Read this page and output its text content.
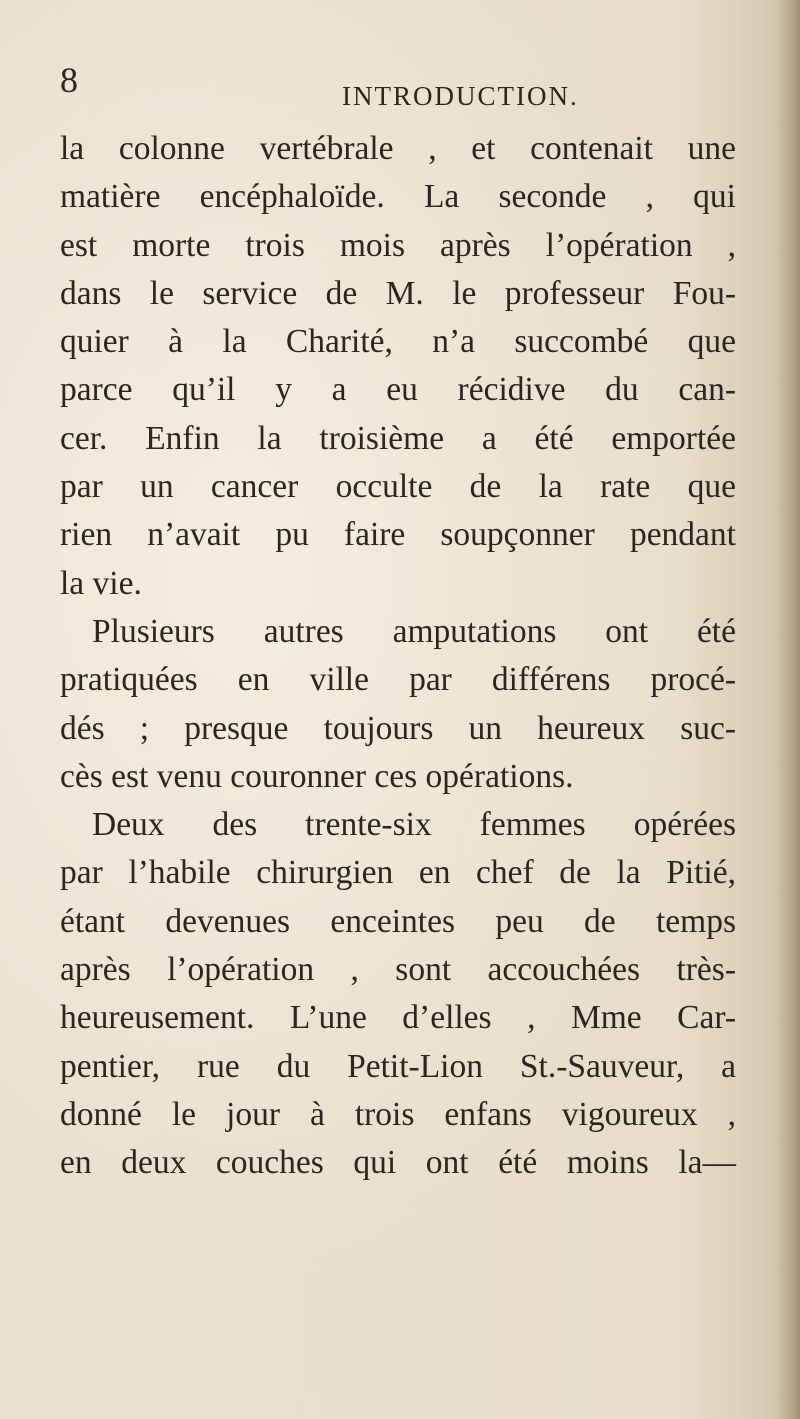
8	INTRODUCTION.
la colonne vertébrale , et contenait une
matière encéphaloïde. La seconde , qui
est morte trois mois après l’opération ,
dans le service de M. le professeur Fou-
quier à la Charité, n’a succombé que
parce qu’il y a eu récidive du can-
cer. Enfin la troisième a été emportée
par un cancer occulte de la rate que
rien n’avait pu faire soupçonner pendant
la vie.
Plusieurs autres amputations ont été
pratiquées en ville par différens procé-
dés ; presque toujours un heureux suc-
cès est venu couronner ces opérations.
Deux des trente-six femmes opérées
par l’habile chirurgien en chef de la Pitié,
étant devenues enceintes peu de temps
après l’opération , sont accouchées très-
heureusement. L’une d’elles , Mme Car-
pentier, rue du Petit-Lion St.-Sauveur, a
donné le jour à trois enfans vigoureux ,
en deux couches qui ont été moins la—
